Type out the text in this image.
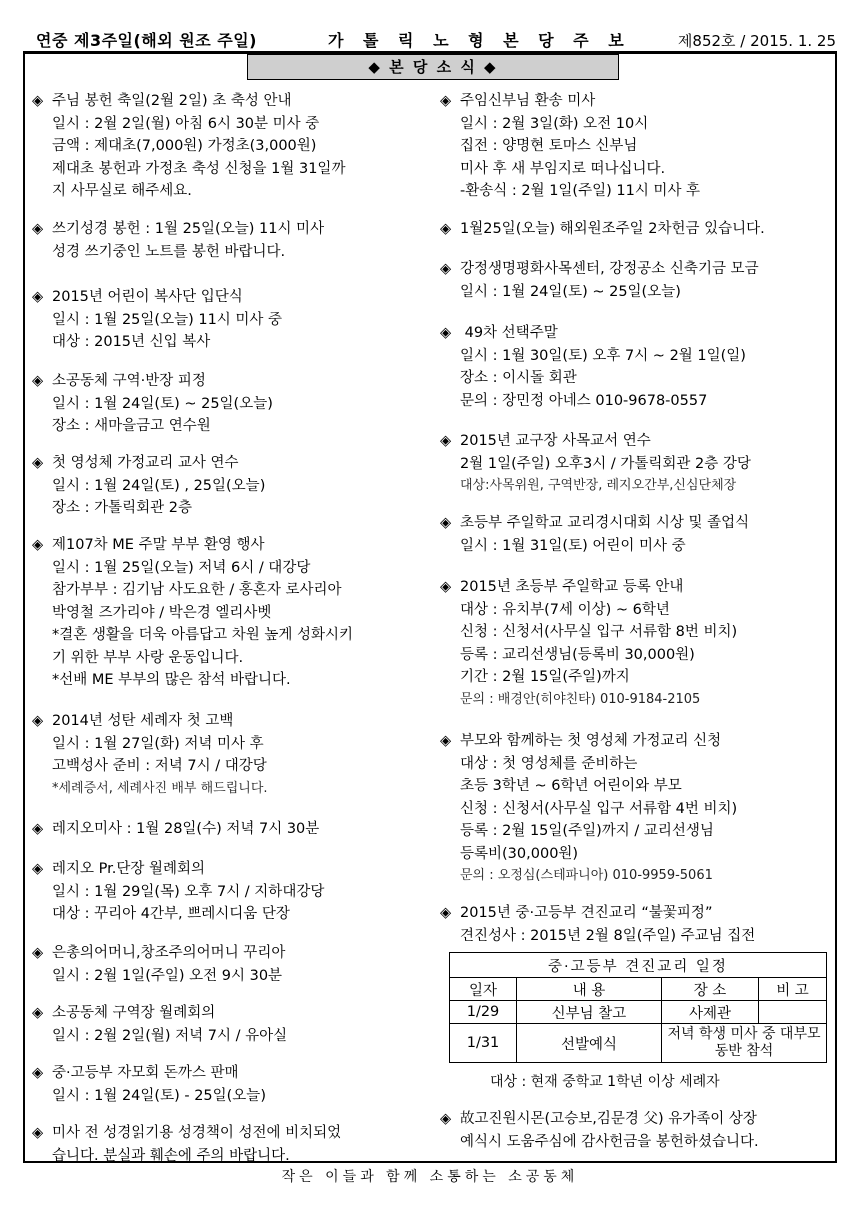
연중 제3주일(해외 원조 주일)	가 톨 릭 노 형 본 당 주 보	제852호 / 2015. 1. 25
◆ 본 당 소 식 ◆
◈ 주님 봉헌 축일(2월 2일) 초 축성 안내
일시 : 2월 2일(월) 아침 6시 30분 미사 중
금액 : 제대초(7,000원) 가정초(3,000원)
제대초 봉헌과 가정초 축성 신청을 1월 31일까
지 사무실로 해주세요.
◈ 쓰기성경 봉헌 : 1월 25일(오늘) 11시 미사
성경 쓰기중인 노트를 봉헌 바랍니다.
◈ 2015년 어린이 복사단 입단식
일시 : 1월 25일(오늘) 11시 미사 중
대상 : 2015년 신입 복사
◈ 소공동체 구역·반장 피정
일시 : 1월 24일(토) ~ 25일(오늘)
장소 : 새마을금고 연수원
◈ 첫 영성체 가정교리 교사 연수
일시 : 1월 24일(토) , 25일(오늘)
장소 : 가톨릭회관 2층
◈ 제107차 ME 주말 부부 환영 행사
일시 : 1월 25일(오늘) 저녁 6시 / 대강당
참가부부 : 김기남 사도요한 / 홍혼자 로사리아
박영철 즈가리야 / 박은경 엘리사벳
*결혼 생활을 더욱 아름답고 차원 높게 성화시키
기 위한 부부 사랑 운동입니다.
*선배 ME 부부의 많은 참석 바랍니다.
◈ 2014년 성탄 세례자 첫 고백
일시 : 1월 27일(화) 저녁 미사 후
고백성사 준비 : 저녁 7시 / 대강당
*세례증서, 세례사진 배부 해드립니다.
◈ 레지오미사 : 1월 28일(수) 저녁 7시 30분
◈ 레지오 Pr.단장 월례회의
일시 : 1월 29일(목) 오후 7시 / 지하대강당
대상 : 꾸리아 4간부, 쁘레시디움 단장
◈ 은총의어머니,창조주의어머니 꾸리아
일시 : 2월 1일(주일) 오전 9시 30분
◈ 소공동체 구역장 월례회의
일시 : 2월 2일(월) 저녁 7시 / 유아실
◈ 중·고등부 자모회 돈까스 판매
일시 : 1월 24일(토) - 25일(오늘)
◈ 미사 전 성경읽기용 성경책이 성전에 비치되었
습니다. 분실과 훼손에 주의 바랍니다.
◈ 주임신부님 환송 미사
일시 : 2월 3일(화) 오전 10시
집전 : 양명현 토마스 신부님
미사 후 새 부임지로 떠나십니다.
-환송식 : 2월 1일(주일) 11시 미사 후
◈ 1월25일(오늘) 해외원조주일 2차헌금 있습니다.
◈ 강정생명평화사목센터, 강정공소 신축기금 모금
일시 : 1월 24일(토) ~ 25일(오늘)
◈ 49차 선택주말
일시 : 1월 30일(토) 오후 7시 ~ 2월 1일(일)
장소 : 이시돌 회관
문의 : 장민정 아네스 010-9678-0557
◈ 2015년 교구장 사목교서 연수
2월 1일(주일) 오후3시 / 가톨릭회관 2층 강당
대상:사목위원, 구역반장, 레지오간부,신심단체장
◈ 초등부 주일학교 교리경시대회 시상 및 졸업식
일시 : 1월 31일(토) 어린이 미사 중
◈ 2015년 초등부 주일학교 등록 안내
대상 : 유치부(7세 이상) ~ 6학년
신청 : 신청서(사무실 입구 서류함 8번 비치)
등록 : 교리선생님(등록비 30,000원)
기간 : 2월 15일(주일)까지
문의 : 배경안(히야친타) 010-9184-2105
◈ 부모와 함께하는 첫 영성체 가정교리 신청
대상 : 첫 영성체를 준비하는
초등 3학년 ~ 6학년 어린이와 부모
신청 : 신청서(사무실 입구 서류함 4번 비치)
등록 : 2월 15일(주일)까지 / 교리선생님
등록비(30,000원)
문의 : 오정심(스테파니아) 010-9959-5061
◈ 2015년 중·고등부 견진교리 “불꽃피정”
견진성사 : 2015년 2월 8일(주일) 주교님 집전
◈ 故고진원시몬(고승보,김문경 父) 유가족이 상장
예식시 도움주심에 감사헌금을 봉헌하셨습니다.
중·고등부 견진교리 일정			
일자	내 용	장 소	비 고
1/29	신부님 찰고	사제관	
1/31	선발예식	저녁 학생 미사 중 대부모 동반 참석	
대상 : 현재 중학교 1학년 이상 세례자
작은 이들과 함께 소통하는 소공동체
